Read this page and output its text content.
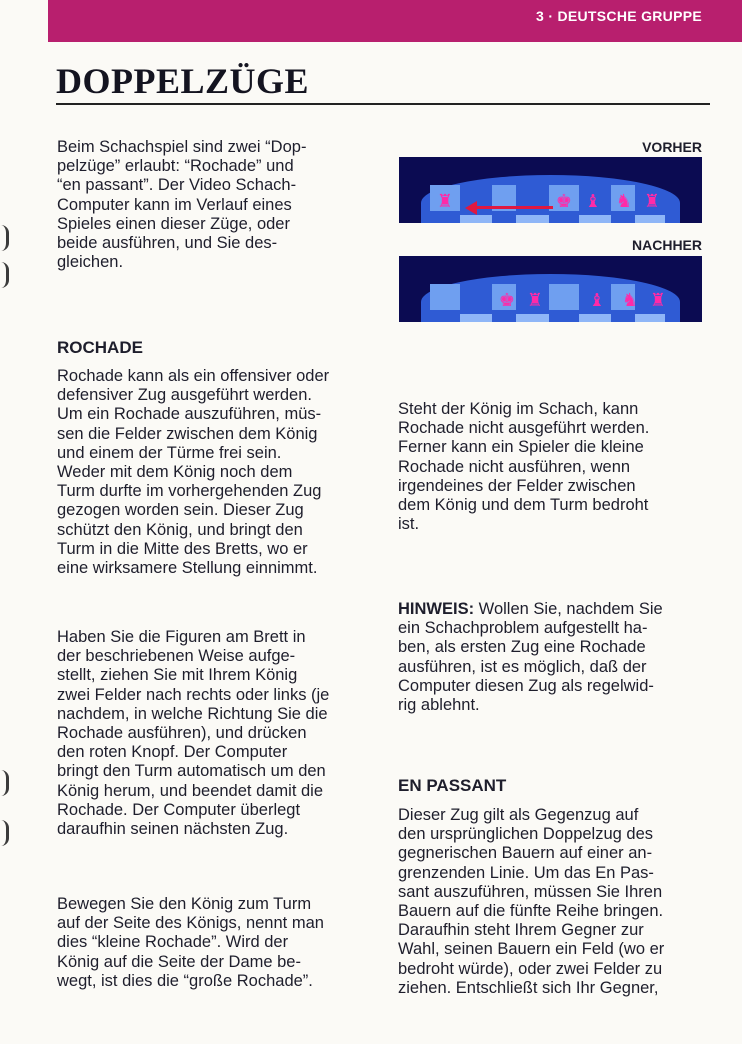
3 · DEUTSCHE GRUPPE
DOPPELZÜGE
Beim Schachspiel sind zwei “Dop-
pelzüge” erlaubt: “Rochade” und
“en passant”. Der Video Schach-
Computer kann im Verlauf eines
Spieles einen dieser Züge, oder
beide ausführen, und Sie des-
gleichen.
ROCHADE
Rochade kann als ein offensiver oder
defensiver Zug ausgeführt werden.
Um ein Rochade auszuführen, müs-
sen die Felder zwischen dem König
und einem der Türme frei sein.
Weder mit dem König noch dem
Turm durfte im vorhergehenden Zug
gezogen worden sein. Dieser Zug
schützt den König, und bringt den
Turm in die Mitte des Bretts, wo er
eine wirksamere Stellung einnimmt.
Haben Sie die Figuren am Brett in
der beschriebenen Weise aufge-
stellt, ziehen Sie mit Ihrem König
zwei Felder nach rechts oder links (je
nachdem, in welche Richtung Sie die
Rochade ausführen), und drücken
den roten Knopf. Der Computer
bringt den Turm automatisch um den
König herum, und beendet damit die
Rochade. Der Computer überlegt
daraufhin seinen nächsten Zug.
Bewegen Sie den König zum Turm
auf der Seite des Königs, nennt man
dies “kleine Rochade”. Wird der
König auf die Seite der Dame be-
wegt, ist dies die “große Rochade”.
VORHER
♜	♚ ♝ ♞ ♜
NACHHER
♚ ♜	♝ ♞ ♜
Steht der König im Schach, kann
Rochade nicht ausgeführt werden.
Ferner kann ein Spieler die kleine
Rochade nicht ausführen, wenn
irgendeines der Felder zwischen
dem König und dem Turm bedroht
ist.
HINWEIS: Wollen Sie, nachdem Sie
ein Schachproblem aufgestellt ha-
ben, als ersten Zug eine Rochade
ausführen, ist es möglich, daß der
Computer diesen Zug als regelwid-
rig ablehnt.
EN PASSANT
Dieser Zug gilt als Gegenzug auf
den ursprünglichen Doppelzug des
gegnerischen Bauern auf einer an-
grenzenden Linie. Um das En Pas-
sant auszuführen, müssen Sie Ihren
Bauern auf die fünfte Reihe bringen.
Daraufhin steht Ihrem Gegner zur
Wahl, seinen Bauern ein Feld (wo er
bedroht würde), oder zwei Felder zu
ziehen. Entschließt sich Ihr Gegner,
